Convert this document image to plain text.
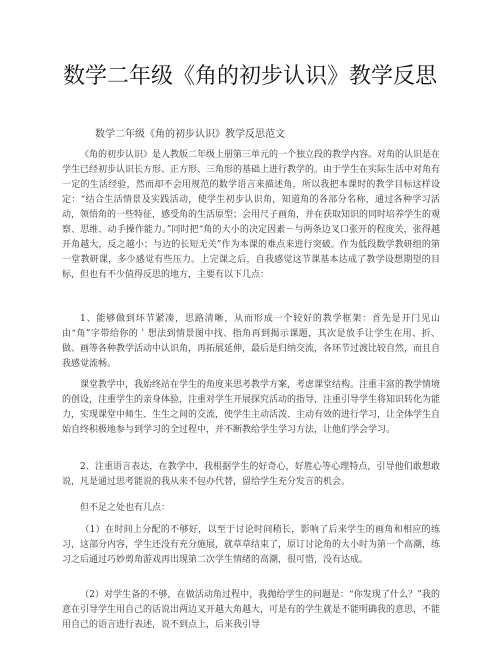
数学二年级《角的初步认识》教学反思
数学二年级《角的初步认识》教学反思范文

《角的初步认识》是人教版二年级上册第三单元的一个独立段的教学内容。对角的认识是在学生已经初步认识长方形、正方形、三角形的基础上进行教学的。由于学生在实际生活中对角有一定的生活经验，然而却不会用规范的数学语言来描述角，所以我把本课时的教学目标这样设定：“结合生活情景及实践活动，使学生初步认识角，知道角的各部分名称，通过各种学习活动，领悟角的一些特征，感受角的生活原型；会用尺子画角，并在获取知识的同时培养学生的观察、思维、动手操作能力。”同时把“角的大小的决定因素－与两条边叉口张开的程度关，张得越开角越大，反之越小；与边的长短无关”作为本课的难点来进行突破。作为低段数学教研组的第一堂教研课，多少感觉有些压力。上完课之后，自我感觉这节课基本达成了教学设想期望的目标，但也有不少值得反思的地方，主要有以下几点：

1、能够做到环节紧凑，思路清晰，从而形成一个较好的教学框架：首先是开门见山由“角”字带给你的＇想法到情景图中找、指角再到揭示课题，其次是放手让学生在用、折、做、画等各种教学活动中认识角，再拓展延伸，最后是归纳交流，各环节过渡比较自然，而且自我感觉流畅。

课堂教学中，我始终站在学生的角度来思考教学方案，考虑课堂结构。注重丰富的教学情境的创设，注重学生的亲身体验，注重对学生开展探究活动的指导，注重引导学生将知识转化为能力，实现课堂中师生、生生之间的交流，使学生主动活泼、主动有效的进行学习，让全体学生自始自终积极地参与到学习的全过程中，并不断教给学生学习方法，让他们学会学习。

2、注重语言表达，在教学中，我根据学生的好奇心，好胜心等心理特点，引导他们敢想敢说，凡是通过思考能说的我从来不包办代替，留给学生充分发言的机会。

但不足之处也有几点：

（1）在时间上分配的不够好，以至于讨论时间稍长，影响了后来学生的画角和相应的练习，这部分内容，学生还没有充分施展，就草草结束了，原订讨论角的大小时为第一个高潮，练习之后通过巧妙剪角游戏再出现第二次学生情绪的高潮，很可惜，没有达成。

（2）对学生备的不够，在做活动角过程中，我抛给学生的问题是：“你发现了什么？”我的意在引导学生用自己的话说出两边叉开越大角越大，可是有的学生就是不能明确我的意思，不能用自己的语言进行表述，说不到点上，后来我引导
